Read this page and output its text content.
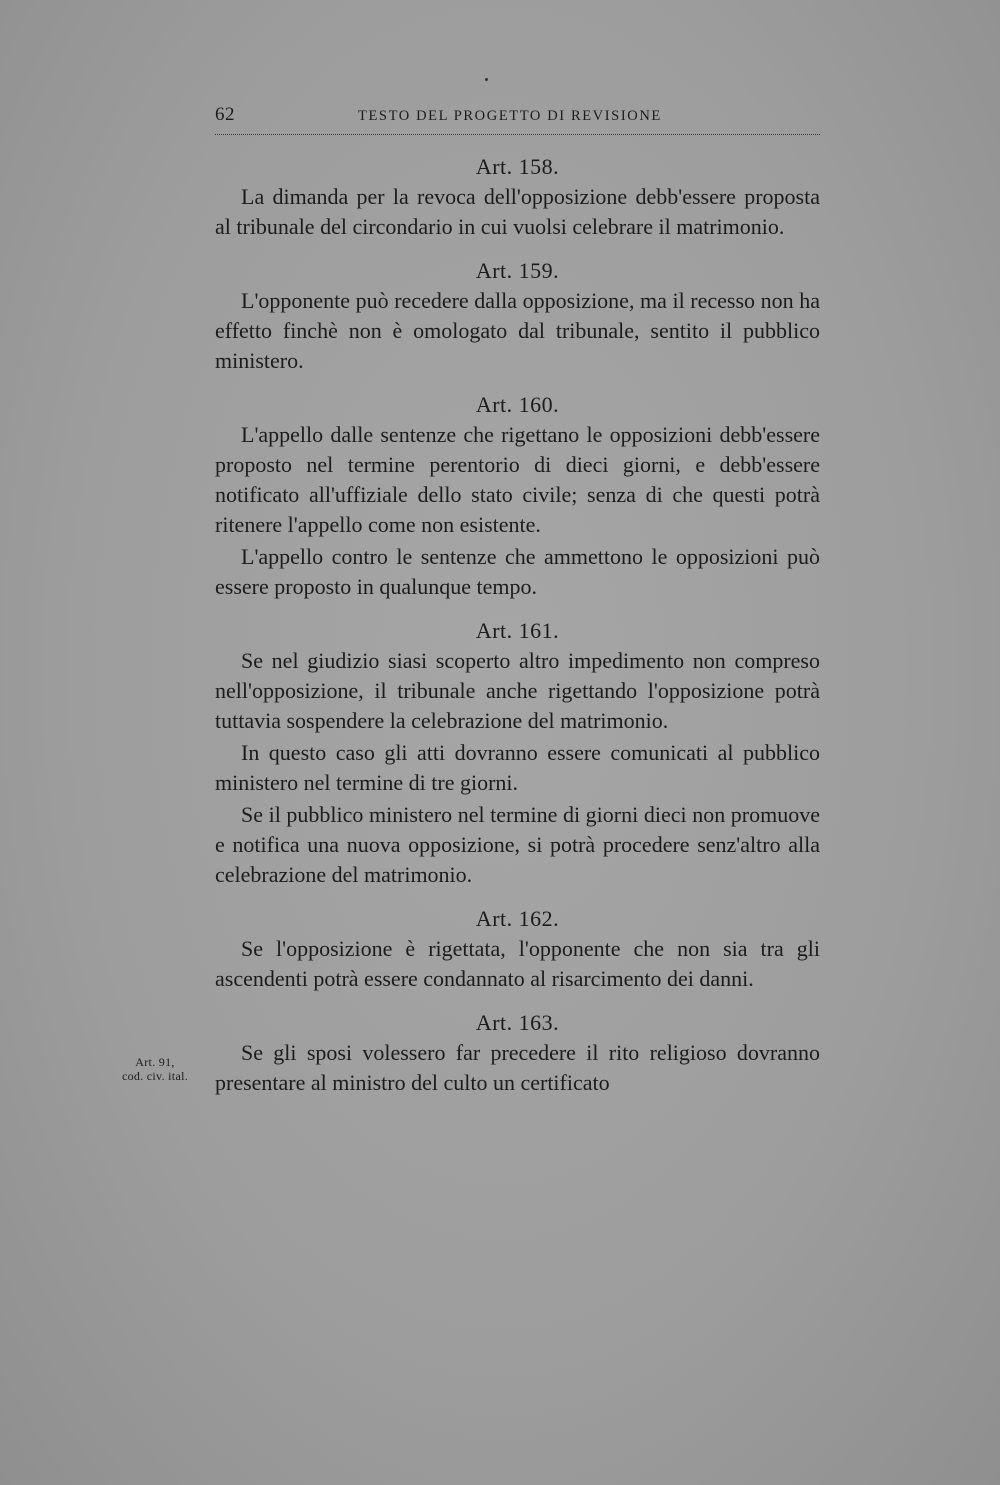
62	TESTO DEL PROGETTO DI REVISIONE
Art. 91,
cod. civ. ital.

Art. 158.

La dimanda per la revoca dell'opposizione debb'essere proposta al tribunale del circondario in cui vuolsi celebrare il matrimonio.

Art. 159.

L'opponente può recedere dalla opposizione, ma il recesso non ha effetto finchè non è omologato dal tribunale, sentito il pubblico ministero.

Art. 160.

L'appello dalle sentenze che rigettano le opposizioni debb'essere proposto nel termine perentorio di dieci giorni, e debb'essere notificato all'uffiziale dello stato civile; senza di che questi potrà ritenere l'appello come non esistente.

L'appello contro le sentenze che ammettono le opposizioni può essere proposto in qualunque tempo.

Art. 161.

Se nel giudizio siasi scoperto altro impedimento non compreso nell'opposizione, il tribunale anche rigettando l'opposizione potrà tuttavia sospendere la celebrazione del matrimonio.

In questo caso gli atti dovranno essere comunicati al pubblico ministero nel termine di tre giorni.

Se il pubblico ministero nel termine di giorni dieci non promuove e notifica una nuova opposizione, si potrà procedere senz'altro alla celebrazione del matrimonio.

Art. 162.

Se l'opposizione è rigettata, l'opponente che non sia tra gli ascendenti potrà essere condannato al risarcimento dei danni.

Art. 163.

Se gli sposi volessero far precedere il rito religioso dovranno presentare al ministro del culto un certificato
